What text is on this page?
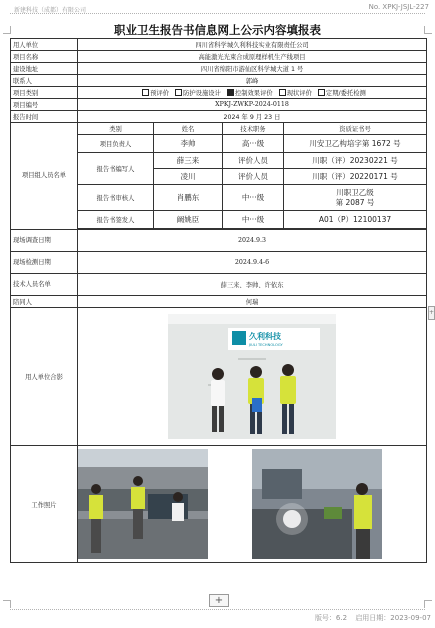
新建科技（成都）有限公司	No. XPKJ-JSJL-227
职业卫生报告书信息网上公示内容填报表
用人单位	四川省科学城久利科技实业有限责任公司			
项目名称	高能激光光束合成原理样机生产线项目			
建设地址	四川省绵阳市游仙区科学城大道 1 号			
联系人	郭峰			
项目类别	预评价 防护设施设计 控制效果评价 现状评价 定期/委托检测			
项目编号	XPKJ-ZWKP-2024-0118			
报告时间	2024 年 9 月 23 日			
项目组人员名单	类别	姓名	技术职务	资质证书号
	项目负责人	李帅	高···级	川安卫乙构培字第 1672 号
	报告书编写人	薛三来	评价人员	川职（评）20230221 号
		凌川	评价人员	川职（评）20220171 号
	报告书审核人	肖鹏东	中···级	川职卫乙级
第 2087 号

	报告书签发人	阚姚臣	中···级	A01（P）12100137

现场调查日期	2024.9.3			
现场检测日期	2024.9.4-6			
技术人员名单	薛三来、李帅、许依东			
陪同人	何瑞			
用人单位合影	久利科技
JIULI TECHNOLOGY			

工作照片	
+
+
版号：6.2 启用日期：2023-09-07
